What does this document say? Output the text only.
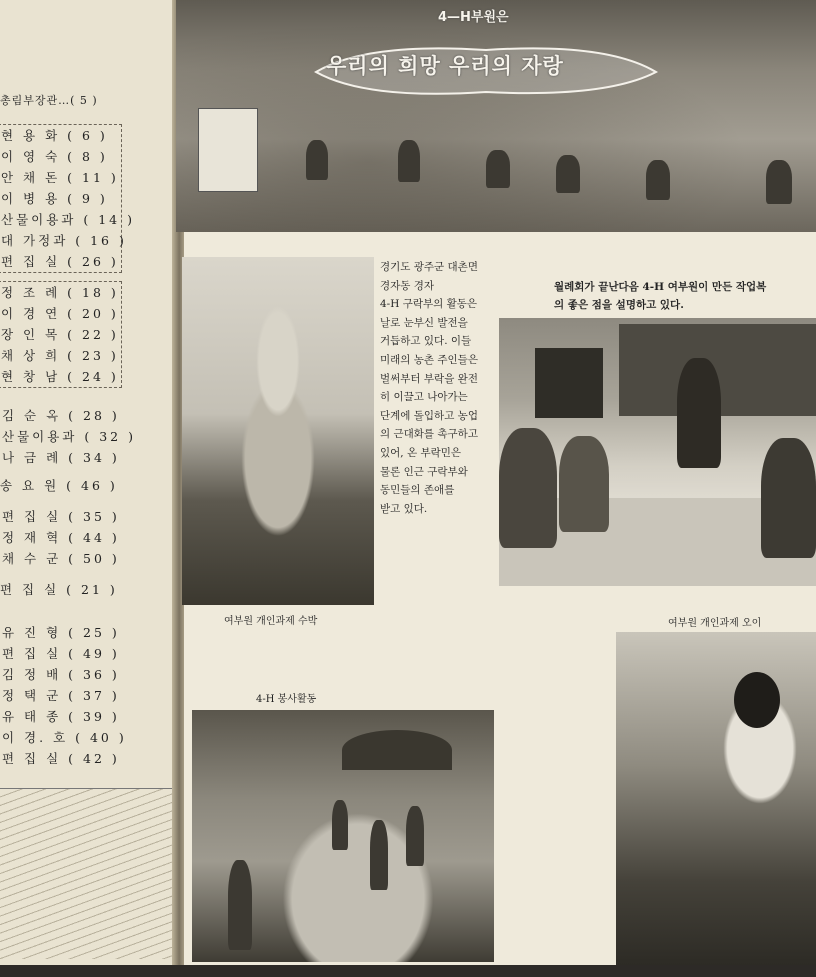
총림부장관…( 5 )
현 용 화 ( 6 )
이 영 숙 ( 8 )
안 채 돈 ( 11 )
이 병 용 ( 9 )
산물이용과 ( 14 )
대 가정과 ( 16 )
편 집 실 ( 26 )
정 조 례 ( 18 )
이 경 연 ( 20 )
장 인 목 ( 22 )
채 상 희 ( 23 )
현 창 남 ( 24 )
김 순 옥 ( 28 )
산물이용과 ( 32 )
나 금 례 ( 34 )
송 요 원 ( 46 )
편 집 실 ( 35 )
정 재 혁 ( 44 )
채 수 군 ( 50 )
편 집 실 ( 21 )
유 진 형 ( 25 )
편 집 실 ( 49 )
김 정 배 ( 36 )
정 택 군 ( 37 )
유 태 종 ( 39 )
이 경. 호 ( 40 )
편 집 실 ( 42 )
4—H부원은
우리의 희망 우리의 자랑
경기도 광주군 대촌면
경자동 경자
4-H 구락부의 활동은
날로 눈부신 발전을
거듭하고 있다. 이들
미래의 농촌 주인들은
벌써부터 부락을 완전
히 이끌고 나아가는
단계에 돌입하고 농업
의 근대화를 촉구하고
있어, 온 부락민은
물론 인근 구락부와
동민들의 존애를
받고 있다.
월례회가 끝난다음 4-H 여부원이 만든 작업복
의 좋은 점을 설명하고 있다.
여부원 개인과제 수박	여부원 개인과제 오이
4-H 봉사활동
